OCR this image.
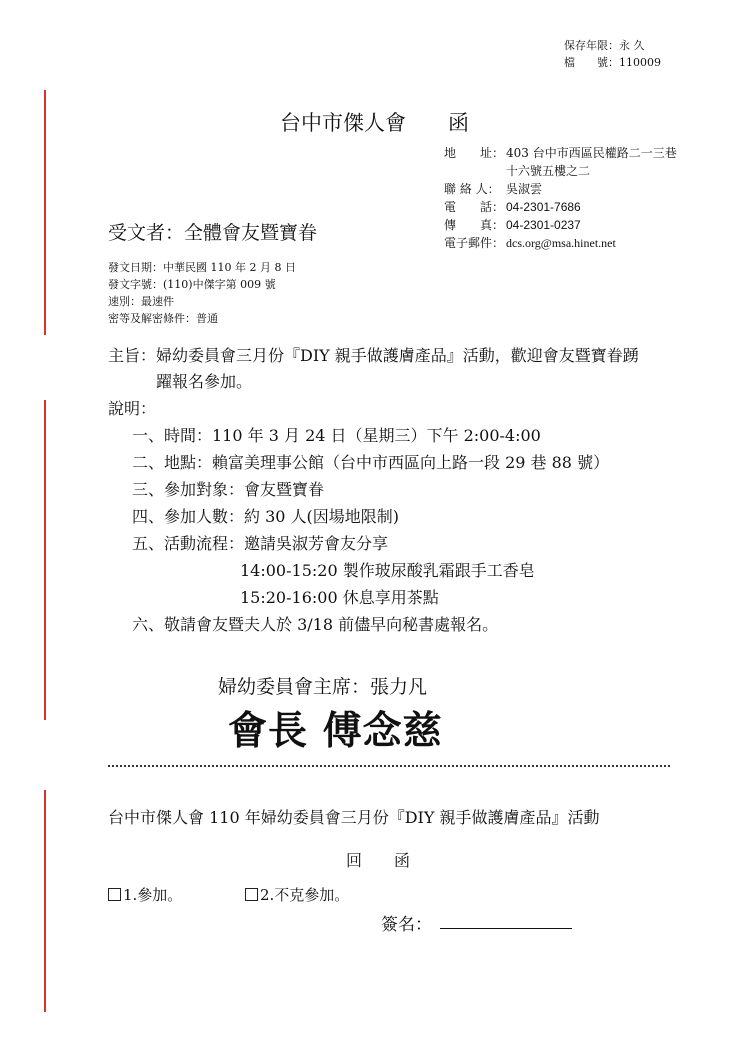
保存年限：永 久
檔　　號：110009
台中市傑人會　　函
地　　址： 403 台中市西區民權路二一三巷
十六號五樓之二
聯 絡 人： 吳淑雲
電　　話： 04-2301-7686
傳　　真： 04-2301-0237
電子郵件： dcs.org@msa.hinet.net
受文者：全體會友暨寶眷
發文日期：中華民國 110 年 2 月 8 日
發文字號：(110)中傑字第 009 號
速別：最速件
密等及解密條件：普通
主旨：婦幼委員會三月份『DIY 親手做護膚產品』活動，歡迎會友暨寶眷踴
躍報名參加。
說明：
一、時間：110 年 3 月 24 日（星期三）下午 2:00-4:00
二、地點：賴富美理事公館（台中市西區向上路一段 29 巷 88 號）
三、參加對象：會友暨寶眷
四、參加人數：約 30 人(因場地限制)
五、活動流程：邀請吳淑芳會友分享
14:00-15:20 製作玻尿酸乳霜跟手工香皂
15:20-16:00 休息享用茶點
六、敬請會友暨夫人於 3/18 前儘早向秘書處報名。
婦幼委員會主席：張力凡
會長 傅念慈
台中市傑人會 110 年婦幼委員會三月份『DIY 親手做護膚產品』活動
回　　函
1.參加。	2.不克參加。
簽名：
